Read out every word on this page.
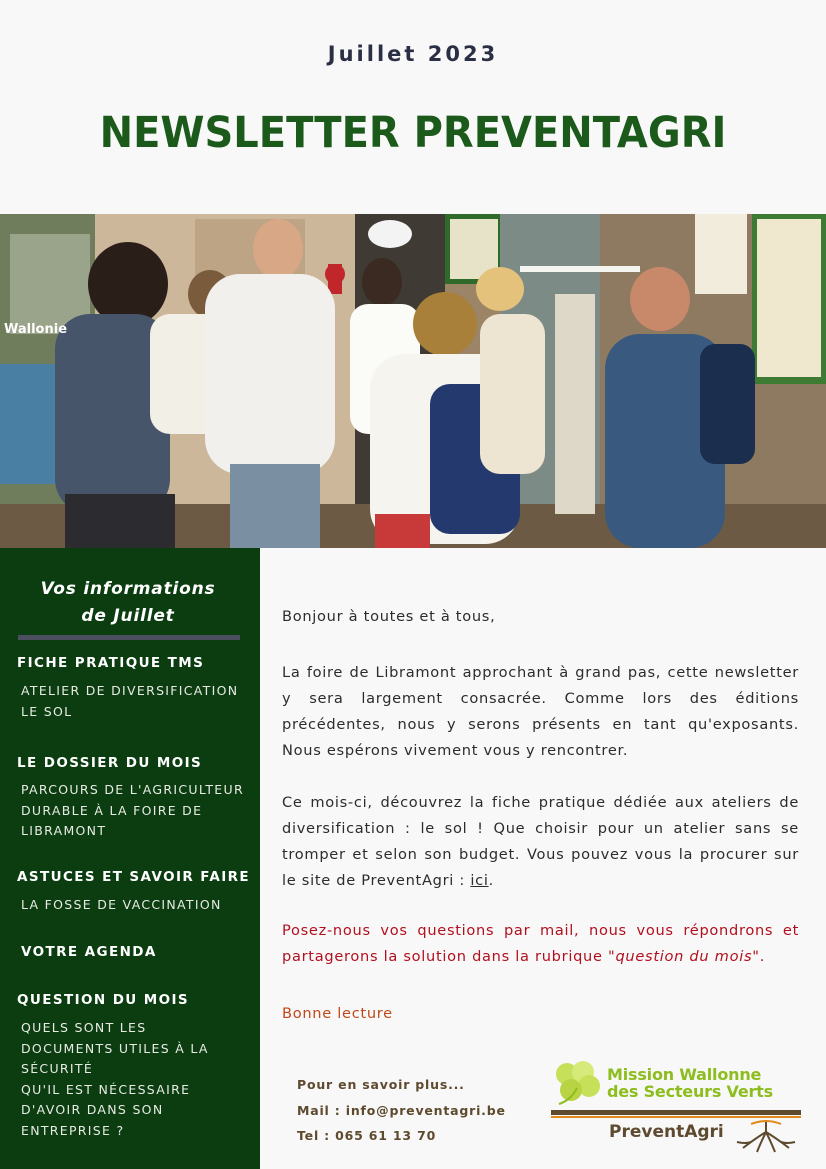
Juillet 2023
NEWSLETTER PREVENTAGRI
Wallonie
Vos informations
de Juillet
FICHE PRATIQUE TMS
ATELIER DE DIVERSIFICATION
LE SOL
LE DOSSIER DU MOIS
PARCOURS DE L'AGRICULTEUR
DURABLE À LA FOIRE DE
LIBRAMONT
ASTUCES ET SAVOIR FAIRE
LA FOSSE DE VACCINATION
VOTRE AGENDA
QUESTION DU MOIS
QUELS SONT LES
DOCUMENTS UTILES À LA
SÉCURITÉ
QU'IL EST NÉCESSAIRE
D'AVOIR DANS SON
ENTREPRISE ?
Bonjour à toutes et à tous,
La foire de Libramont approchant à grand pas, cette newsletter y sera largement consacrée. Comme lors des éditions précédentes, nous y serons présents en tant qu'exposants. Nous espérons vivement vous y rencontrer.
Ce mois-ci, découvrez la fiche pratique dédiée aux ateliers de diversification : le sol ! Que choisir pour un atelier sans se tromper et selon son budget. Vous pouvez vous la procurer sur le site de PreventAgri : ici.
Posez-nous vos questions par mail, nous vous répondrons et partagerons la solution dans la rubrique "question du mois".
Bonne lecture
Pour en savoir plus...
Mail : info@preventagri.be
Tel : 065 61 13 70
Mission Wallonne
des Secteurs Verts
PreventAgri
